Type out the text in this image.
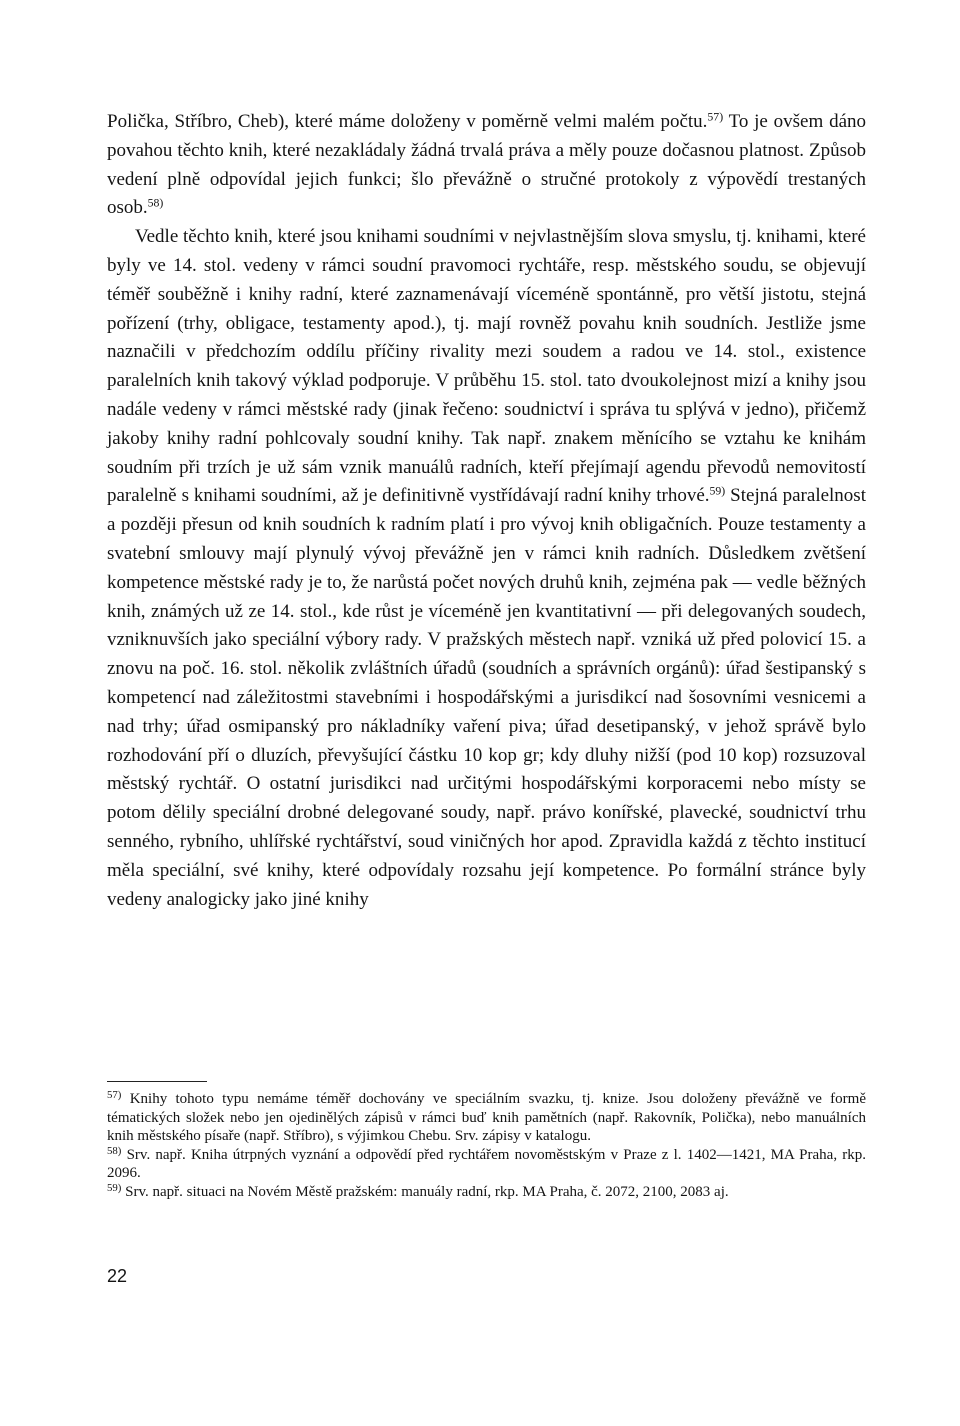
Polička, Stříbro, Cheb), které máme doloženy v poměrně velmi malém počtu.$^{57)}$ To je ovšem dáno povahou těchto knih, které nezakládaly žádná trvalá práva a měly pouze dočasnou platnost. Způsob vedení plně odpovídal jejich funkci; šlo převážně o stručné protokoly z výpovědí trestaných osob.$^{58)}$

Vedle těchto knih, které jsou knihami soudními v nejvlastnějším slova smyslu, tj. knihami, které byly ve 14. stol. vedeny v rámci soudní pravomoci rychtáře, resp. městského soudu, se objevují téměř souběžně i knihy radní, které zaznamenávají víceméně spontánně, pro větší jistotu, stejná pořízení (trhy, obligace, testamenty apod.), tj. mají rovněž povahu knih soudních. Jestliže jsme naznačili v předchozím oddílu příčiny rivality mezi soudem a radou ve 14. stol., existence paralelních knih takový výklad podporuje. V průběhu 15. stol. tato dvoukolejnost mizí a knihy jsou nadále vedeny v rámci městské rady (jinak řečeno: soudnictví i správa tu splývá v jedno), přičemž jakoby knihy radní pohlcovaly soudní knihy. Tak např. znakem měnícího se vztahu ke knihám soudním při trzích je už sám vznik manuálů radních, kteří přejímají agendu převodů nemovitostí paralelně s knihami soudními, až je definitivně vystřídávají radní knihy trhové.$^{59)}$ Stejná paralelnost a později přesun od knih soudních k radním platí i pro vývoj knih obligačních. Pouze testamenty a svatební smlouvy mají plynulý vývoj převážně jen v rámci knih radních. Důsledkem zvětšení kompetence městské rady je to, že narůstá počet nových druhů knih, zejména pak — vedle běžných knih, známých už ze 14. stol., kde růst je víceméně jen kvantitativní — při delegovaných soudech, vzniknuvších jako speciální výbory rady. V pražských městech např. vzniká už před polovicí 15. a znovu na poč. 16. stol. několik zvláštních úřadů (soudních a správních orgánů): úřad šestipanský s kompetencí nad záležitostmi stavebními i hospodářskými a jurisdikcí nad šosovními vesnicemi a nad trhy; úřad osmipanský pro nákladníky vaření piva; úřad desetipanský, v jehož správě bylo rozhodování pří o dluzích, převyšující částku 10 kop gr; kdy dluhy nižší (pod 10 kop) rozsuzoval městský rychtář. O ostatní jurisdikci nad určitými hospodářskými korporacemi nebo místy se potom dělily speciální drobné delegované soudy, např. právo konířské, plavecké, soudnictví trhu senného, rybního, uhlířské rychtářství, soud viničných hor apod. Zpravidla každá z těchto institucí měla speciální, své knihy, které odpovídaly rozsahu její kompetence. Po formální stránce byly vedeny analogicky jako jiné knihy

$^{57)}$ Knihy tohoto typu nemáme téměř dochovány ve speciálním svazku, tj. knize. Jsou doloženy převážně ve formě tématických složek nebo jen ojedinělých zápisů v rámci buď knih pamětních (např. Rakovník, Polička), nebo manuálních knih městského písaře (např. Stříbro), s výjimkou Chebu. Srv. zápisy v katalogu.

$^{58)}$ Srv. např. Kniha útrpných vyznání a odpovědí před rychtářem novoměstským v Praze z l. 1402—1421, MA Praha, rkp. 2096.

$^{59)}$ Srv. např. situaci na Novém Městě pražském: manuály radní, rkp. MA Praha, č. 2072, 2100, 2083 aj.

22
